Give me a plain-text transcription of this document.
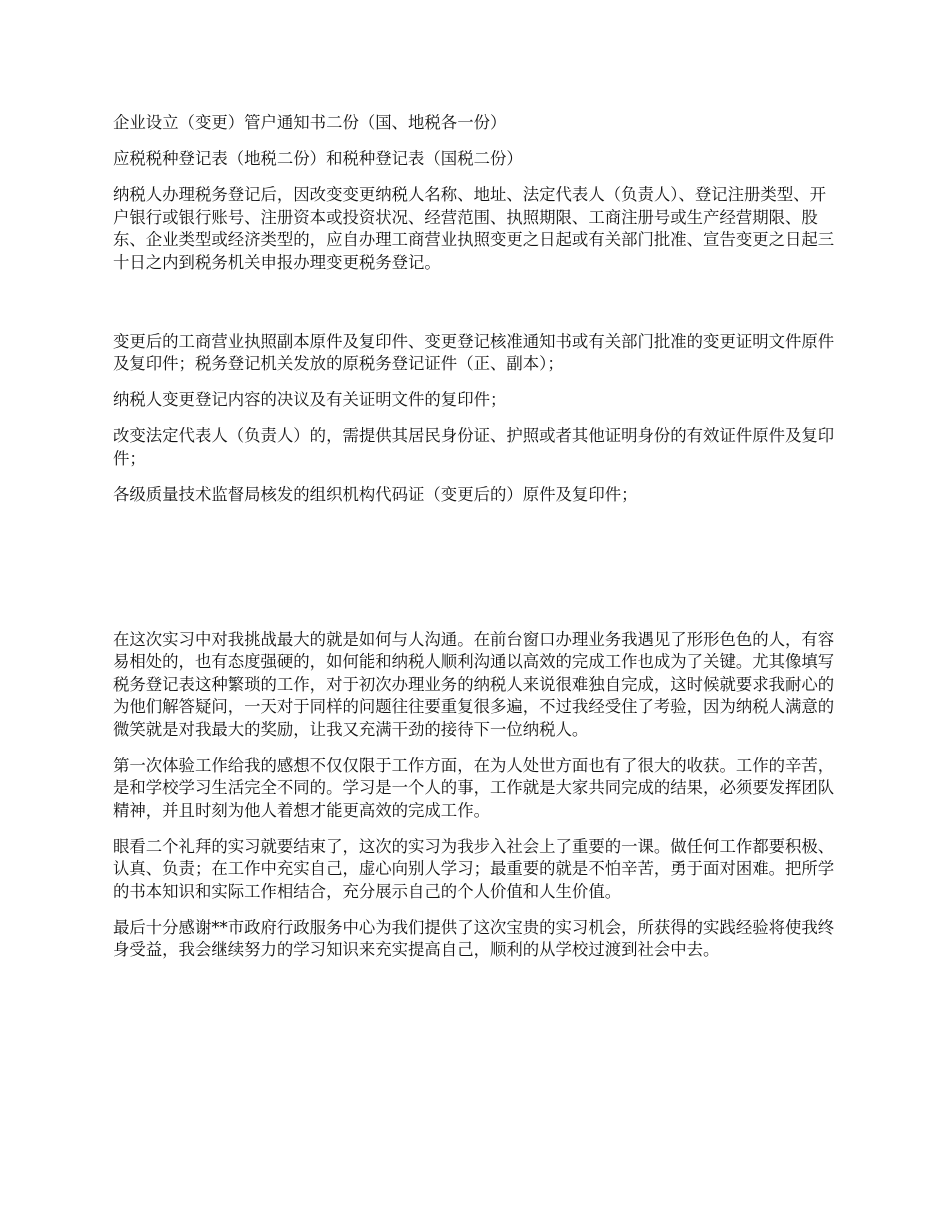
企业设立（变更）管户通知书二份（国、地税各一份）

应税税种登记表（地税二份）和税种登记表（国税二份）

纳税人办理税务登记后，因改变变更纳税人名称、地址、法定代表人（负责人）、登记注册类型、开户银行或银行账号、注册资本或投资状况、经营范围、执照期限、工商注册号或生产经营期限、股东、企业类型或经济类型的，应自办理工商营业执照变更之日起或有关部门批准、宣告变更之日起三十日之内到税务机关申报办理变更税务登记。

变更后的工商营业执照副本原件及复印件、变更登记核准通知书或有关部门批准的变更证明文件原件及复印件；税务登记机关发放的原税务登记证件（正、副本）；

纳税人变更登记内容的决议及有关证明文件的复印件；

改变法定代表人（负责人）的，需提供其居民身份证、护照或者其他证明身份的有效证件原件及复印件；

各级质量技术监督局核发的组织机构代码证（变更后的）原件及复印件；

在这次实习中对我挑战最大的就是如何与人沟通。在前台窗口办理业务我遇见了形形色色的人，有容易相处的，也有态度强硬的，如何能和纳税人顺利沟通以高效的完成工作也成为了关键。尤其像填写税务登记表这种繁琐的工作，对于初次办理业务的纳税人来说很难独自完成，这时候就要求我耐心的为他们解答疑问，一天对于同样的问题往往要重复很多遍，不过我经受住了考验，因为纳税人满意的微笑就是对我最大的奖励，让我又充满干劲的接待下一位纳税人。

第一次体验工作给我的感想不仅仅限于工作方面，在为人处世方面也有了很大的收获。工作的辛苦，是和学校学习生活完全不同的。学习是一个人的事，工作就是大家共同完成的结果，必须要发挥团队精神，并且时刻为他人着想才能更高效的完成工作。

眼看二个礼拜的实习就要结束了，这次的实习为我步入社会上了重要的一课。做任何工作都要积极、认真、负责；在工作中充实自己，虚心向别人学习；最重要的就是不怕辛苦，勇于面对困难。把所学的书本知识和实际工作相结合，充分展示自己的个人价值和人生价值。

最后十分感谢**市政府行政服务中心为我们提供了这次宝贵的实习机会，所获得的实践经验将使我终身受益，我会继续努力的学习知识来充实提高自己，顺利的从学校过渡到社会中去。
